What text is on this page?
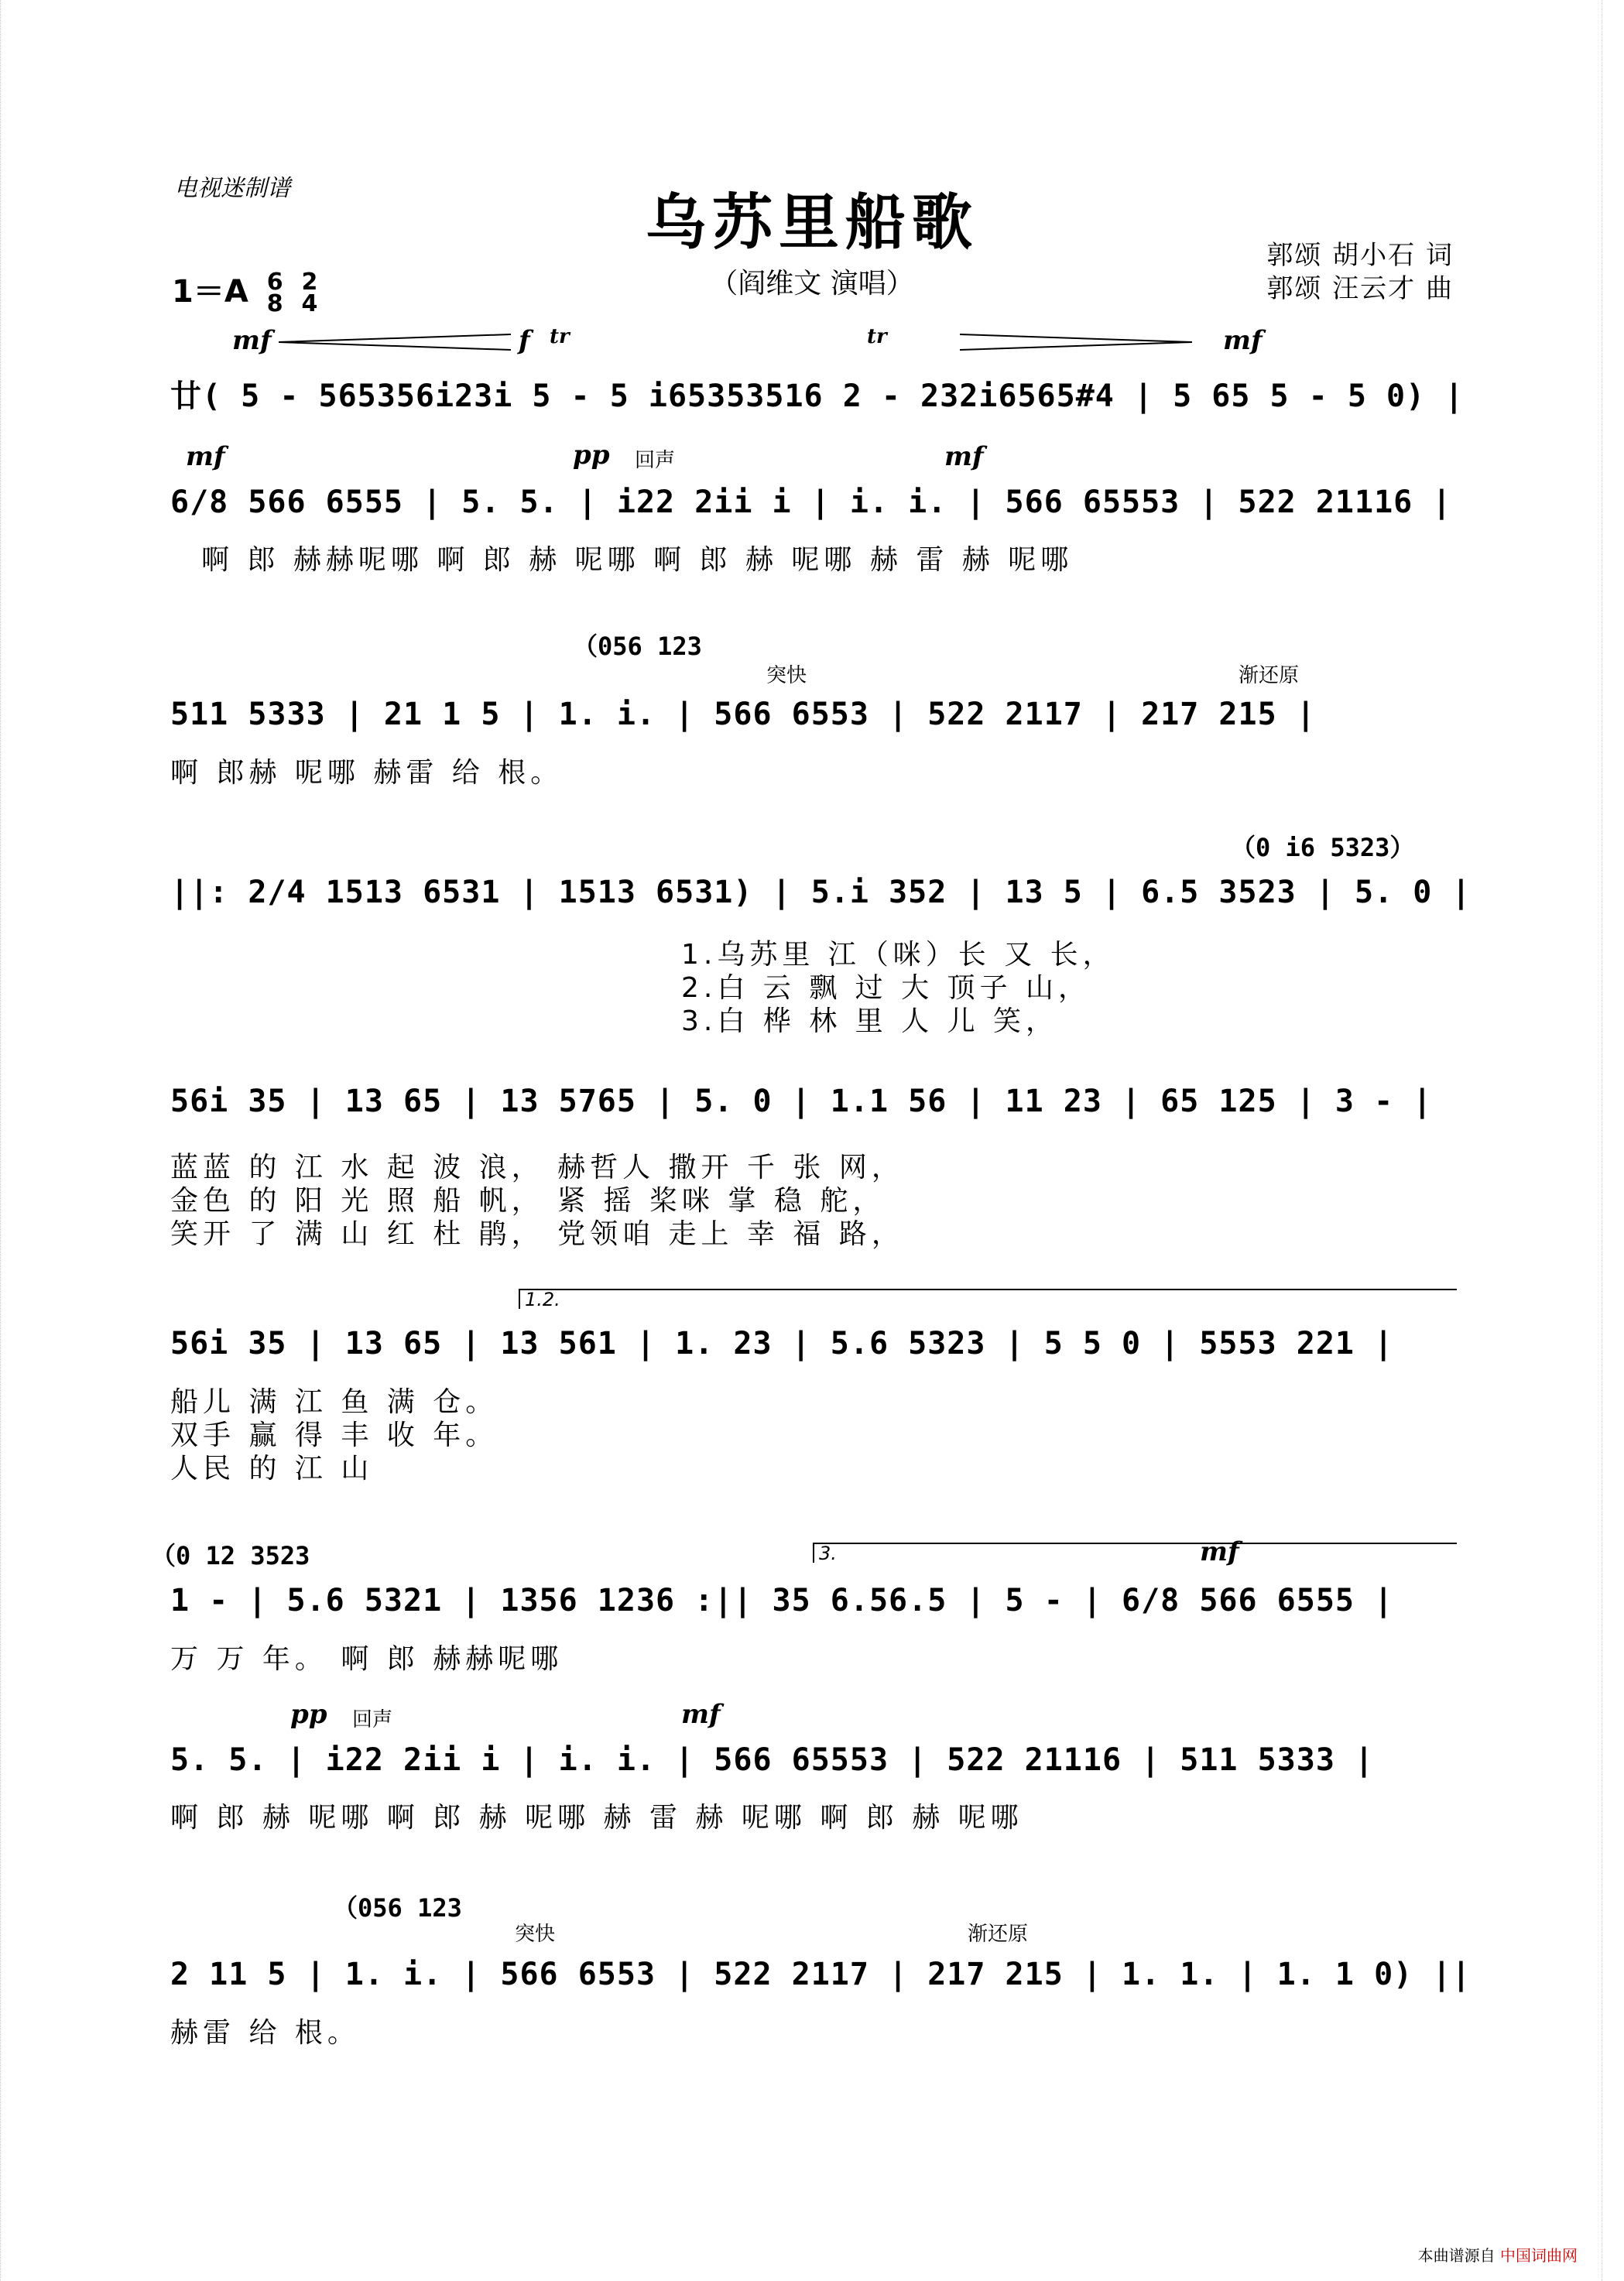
电视迷制谱	乌苏里船歌
（阎维文 演唱）
郭颂 胡小石 词
郭颂 汪云才 曲
1＝A 6
8

2
4
mf	f tr	tr	mf
廿( 5 - 565356i23i 5 - 5 i65353516 2 - 232i6565#4 | 5 65 5 - 5 0) |
mf	pp 回声	mf
6/8 566 6555 | 5. 5. | i22 2ii i | i. i. | 566 65553 | 522 21116 |
啊 郎 赫赫呢哪 啊 郎 赫 呢哪 啊 郎 赫 呢哪 赫 雷 赫 呢哪
（056 123
突快	渐还原
511 5333 | 21 1 5 | 1. i. | 566 6553 | 522 2117 | 217 215 |
啊 郎赫 呢哪 赫雷 给 根。
（0 i6 5323）
||: 2/4 1513 6531 | 1513 6531) | 5.i 352 | 13 5 | 6.5 3523 | 5. 0 |
1.乌苏里 江（咪）长 又 长，
2.白 云 飘 过 大 顶子 山，
3.白 桦 林 里 人 儿 笑，
56i 35 | 13 65 | 13 5765 | 5. 0 | 1.1 56 | 11 23 | 65 125 | 3 - |
蓝蓝 的 江 水 起 波 浪， 赫哲人 撒开 千 张 网，
金色 的 阳 光 照 船 帆， 紧 摇 桨咪 掌 稳 舵，
笑开 了 满 山 红 杜 鹃， 党领咱 走上 幸 福 路，
1.2.
56i 35 | 13 65 | 13 561 | 1. 23 | 5.6 5323 | 5 5 0 | 5553 221 |
船儿 满 江 鱼 满 仓。
双手 赢 得 丰 收 年。
人民 的 江 山
（0 12 3523	3.	mf
1 - | 5.6 5321 | 1356 1236 :|| 35 6.56.5 | 5 - | 6/8 566 6555 |
万 万 年。 啊 郎 赫赫呢哪
pp 回声	mf
5. 5. | i22 2ii i | i. i. | 566 65553 | 522 21116 | 511 5333 |
啊 郎 赫 呢哪 啊 郎 赫 呢哪 赫 雷 赫 呢哪 啊 郎 赫 呢哪
（056 123
突快	渐还原
2 11 5 | 1. i. | 566 6553 | 522 2117 | 217 215 | 1. 1. | 1. 1 0) ||
赫雷 给 根。
本曲谱源自 中国词曲网
